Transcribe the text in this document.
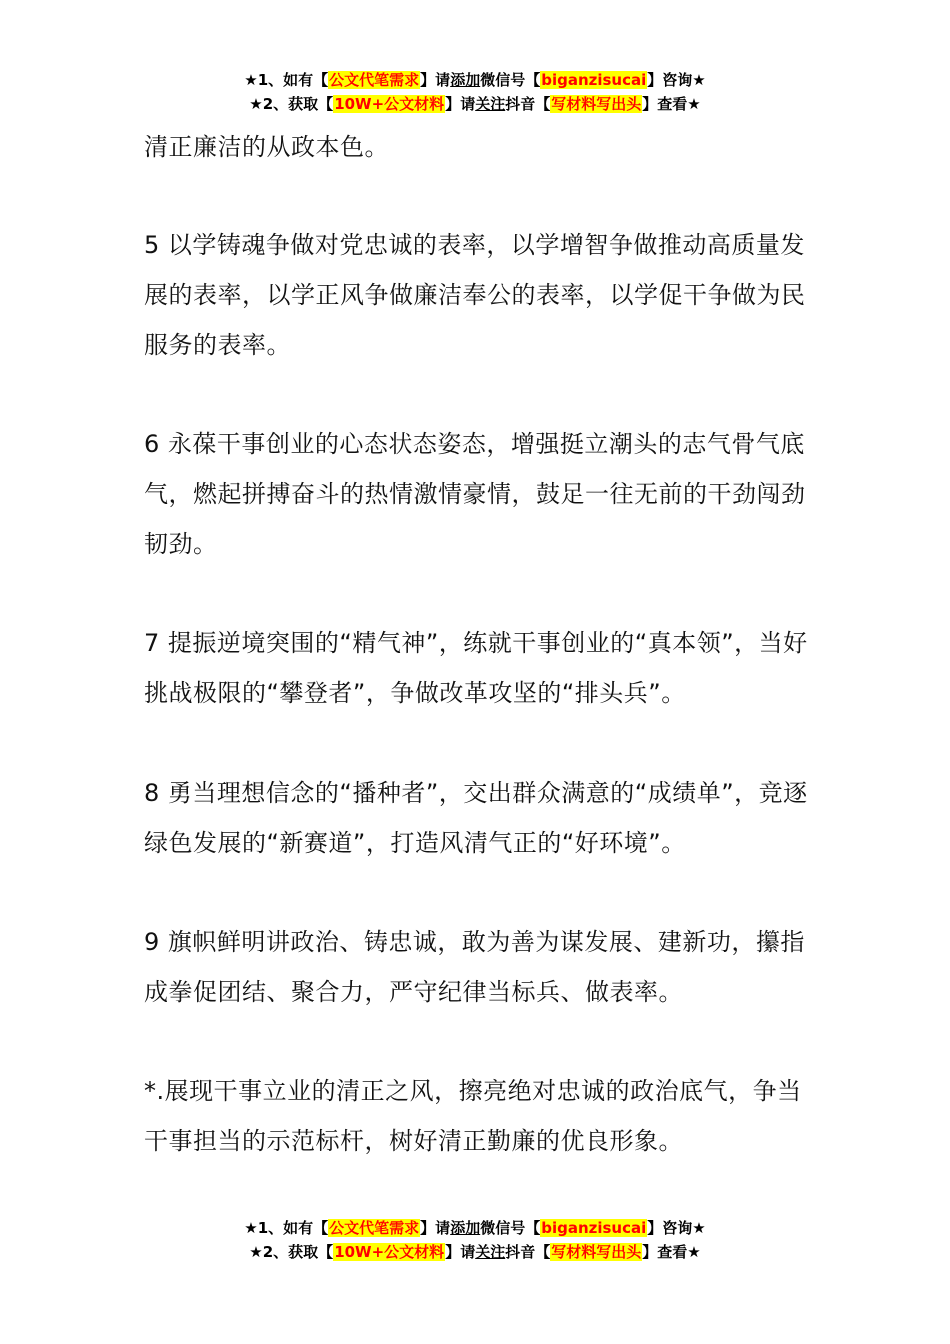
★1、如有【公文代笔需求】请添加微信号【biganzisucai】咨询★
★2、获取【10W+公文材料】请关注抖音【写材料写出头】查看★

清正廉洁的从政本色。

5 以学铸魂争做对党忠诚的表率，以学增智争做推动高质量发展的表率，以学正风争做廉洁奉公的表率，以学促干争做为民服务的表率。

6 永葆干事创业的心态状态姿态，增强挺立潮头的志气骨气底气，燃起拼搏奋斗的热情激情豪情，鼓足一往无前的干劲闯劲韧劲。

7 提振逆境突围的“精气神”，练就干事创业的“真本领”，当好挑战极限的“攀登者”，争做改革攻坚的“排头兵”。

8 勇当理想信念的“播种者”，交出群众满意的“成绩单”，竞逐绿色发展的“新赛道”，打造风清气正的“好环境”。

9 旗帜鲜明讲政治、铸忠诚，敢为善为谋发展、建新功，攥指成拳促团结、聚合力，严守纪律当标兵、做表率。

*.展现干事立业的清正之风，擦亮绝对忠诚的政治底气，争当干事担当的示范标杆，树好清正勤廉的优良形象。

★1、如有【公文代笔需求】请添加微信号【biganzisucai】咨询★
★2、获取【10W+公文材料】请关注抖音【写材料写出头】查看★
